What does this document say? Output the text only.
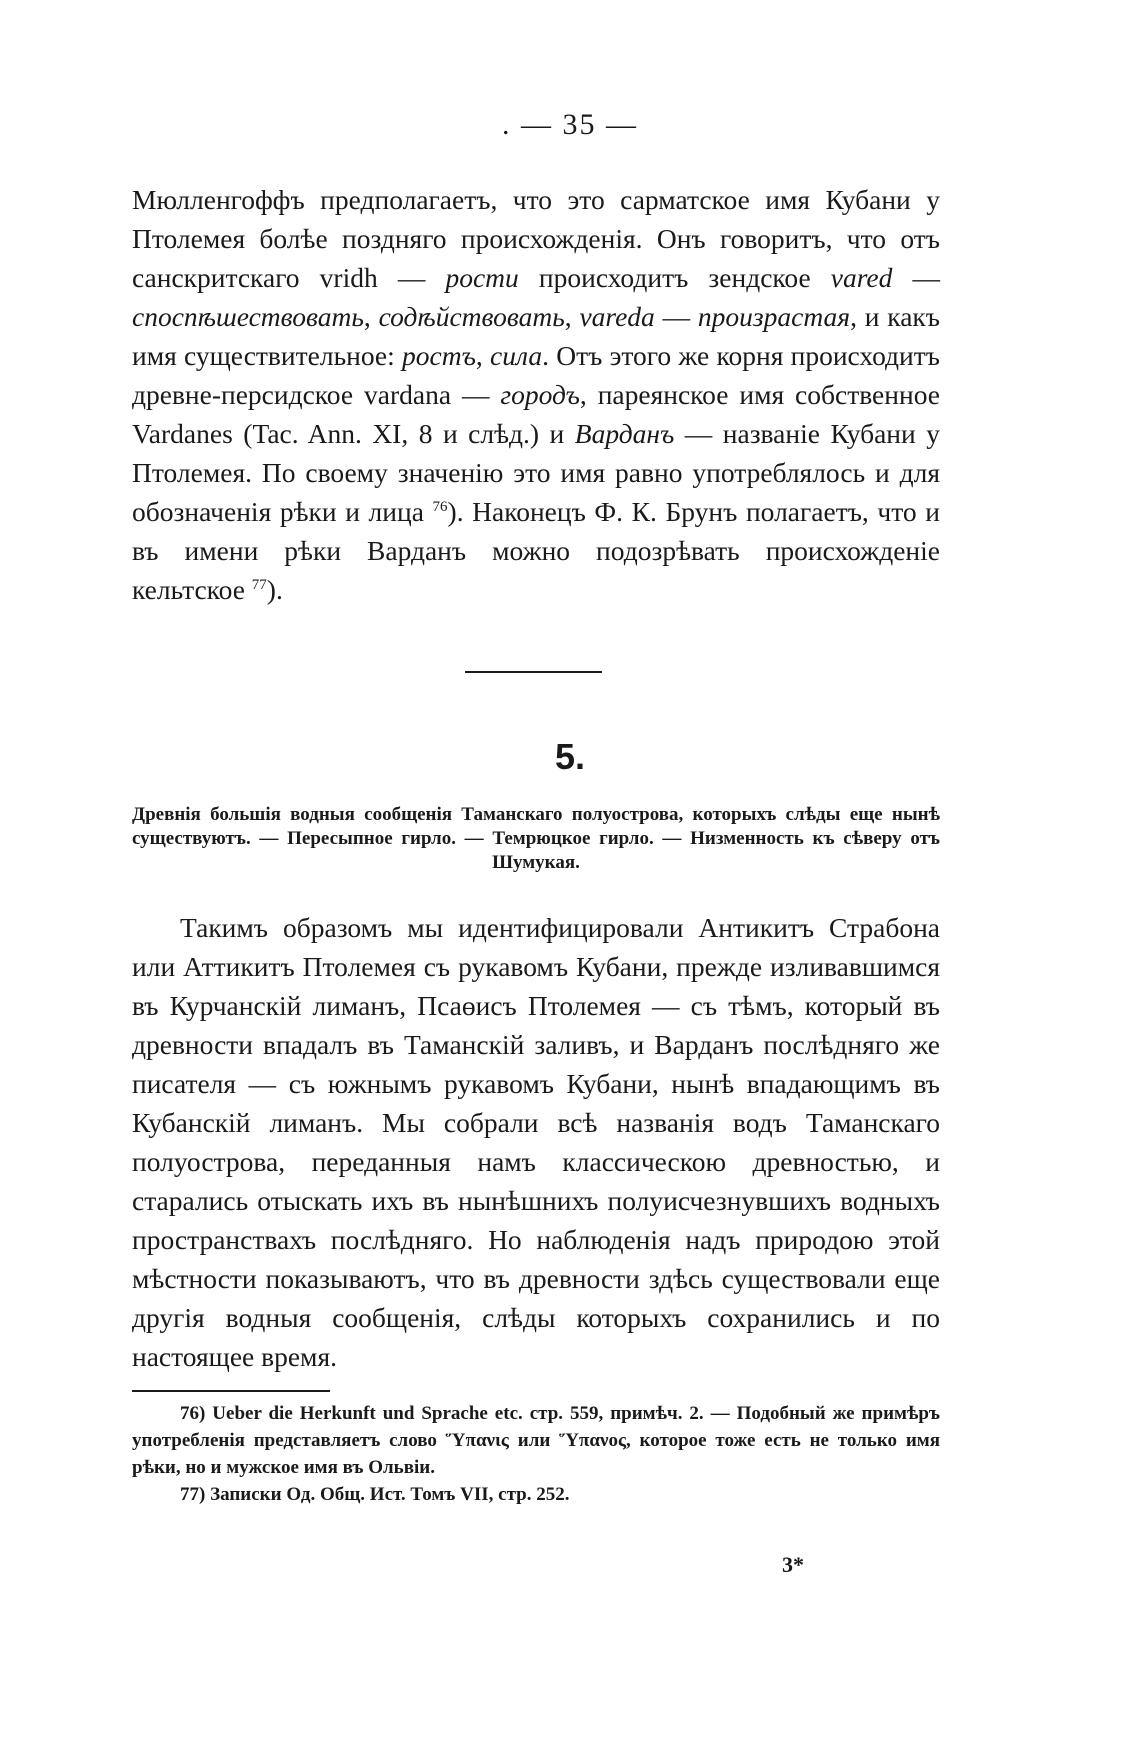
. — 35 —
Мюлленгоффъ предполагаетъ, что это сарматское имя Кубани у Птолемея болѣе поздняго происхожденія. Онъ говоритъ, что отъ санскритскаго vridh — рости происходитъ зендское vared — споспѣшествовать, содѣйствовать, vareda — произрастая, и какъ имя существительное: ростъ, сила. Отъ этого же корня происходитъ древне-персидское vardana — городъ, пареянское имя собственное Vardanes (Tac. Ann. XI, 8 и слѣд.) и Варданъ — названіе Кубани у Птолемея. По своему значенію это имя равно употреблялось и для обозначенія рѣки и лица $^{76}$). Наконецъ Ф. К. Брунъ полагаетъ, что и въ имени рѣки Варданъ можно подозрѣвать происхожденіе кельтское $^{77}$).
5.
Древнія большія водныя сообщенія Таманскаго полуострова, которыхъ слѣды еще нынѣ существуютъ. — Пересыпное гирло. — Темрюцкое гирло. — Низменность къ сѣверу отъ Шумукая.
Такимъ образомъ мы идентифицировали Антикитъ Страбона или Аттикитъ Птолемея съ рукавомъ Кубани, прежде изливавшимся въ Курчанскій лиманъ, Псаөисъ Птолемея — съ тѣмъ, который въ древности впадалъ въ Таманскій заливъ, и Варданъ послѣдняго же писателя — съ южнымъ рукавомъ Кубани, нынѣ впадающимъ въ Кубанскій лиманъ. Мы собрали всѣ названія водъ Таманскаго полуострова, переданныя намъ классическою древностью, и старались отыскать ихъ въ нынѣшнихъ полуисчезнувшихъ водныхъ пространствахъ послѣдняго. Но наблюденія надъ природою этой мѣстности показываютъ, что въ древности здѣсь существовали еще другія водныя сообщенія, слѣды которыхъ сохранились и по настоящее время.
76) Ueber die Herkunft und Sprache etc. стр. 559, примѣч. 2. — Подобный же примѣръ употребленія представляетъ слово Ὕπανις или Ὕπανος, которое тоже есть не только имя рѣки, но и мужское имя въ Ольвіи.
77) Записки Од. Общ. Ист. Томъ VII, стр. 252.
3*
